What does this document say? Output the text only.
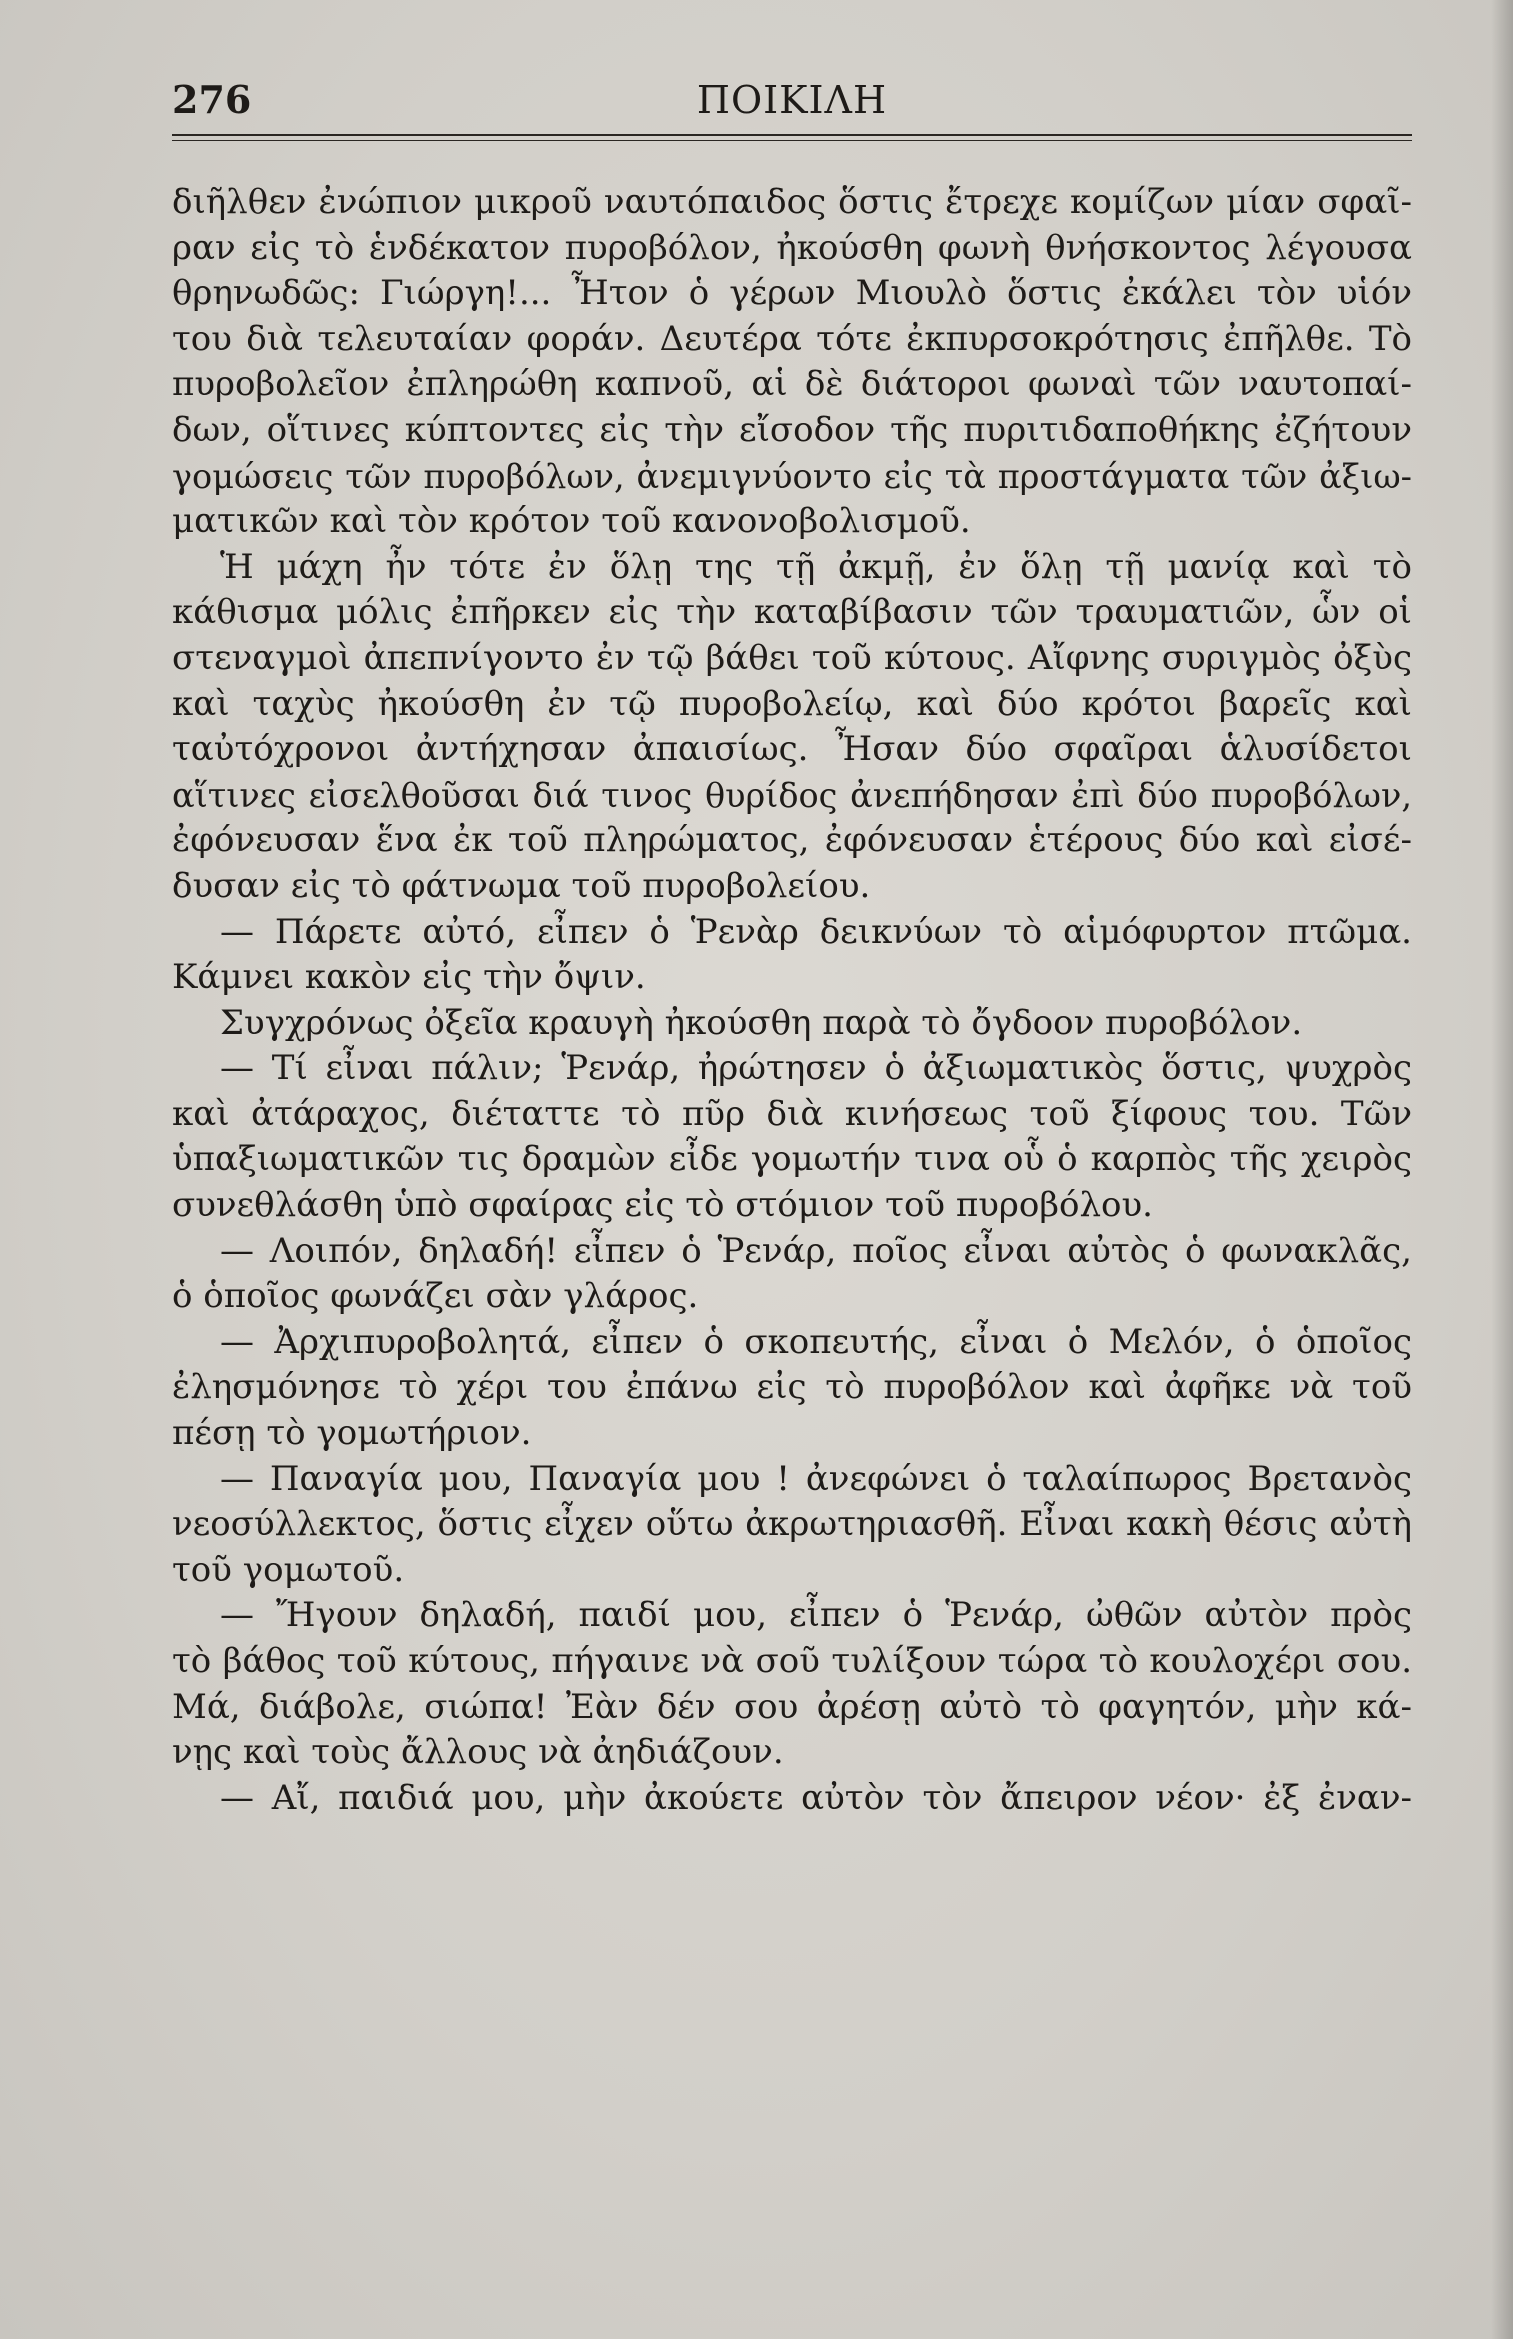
276	ΠΟΙΚΙΛΗ
διῆλθεν ἐνώπιον μικροῦ ναυτόπαιδος ὅστις ἔτρεχε κομίζων μίαν σφαῖ-
ραν εἰς τὸ ἑνδέκατον πυροβόλον, ἠκούσθη φωνὴ θνήσκοντος λέγουσα
θρηνωδῶς: Γιώργη!... Ἦτον ὁ γέρων Μιουλὸ ὅστις ἐκάλει τὸν υἱόν
του διὰ τελευταίαν φοράν. Δευτέρα τότε ἐκπυρσοκρότησις ἐπῆλθε. Τὸ
πυροβολεῖον ἐπληρώθη καπνοῦ, αἱ δὲ διάτοροι φωναὶ τῶν ναυτοπαί-
δων, οἵτινες κύπτοντες εἰς τὴν εἴσοδον τῆς πυριτιδαποθήκης ἐζήτουν
γομώσεις τῶν πυροβόλων, ἀνεμιγνύοντο εἰς τὰ προστάγματα τῶν ἀξιω-
ματικῶν καὶ τὸν κρότον τοῦ κανονοβολισμοῦ.
Ἡ μάχη ἦν τότε ἐν ὅλῃ της τῇ ἀκμῇ, ἐν ὅλῃ τῇ μανίᾳ καὶ τὸ
κάθισμα μόλις ἐπῆρκεν εἰς τὴν καταβίβασιν τῶν τραυματιῶν, ὧν οἱ
στεναγμοὶ ἀπεπνίγοντο ἐν τῷ βάθει τοῦ κύτους. Αἴφνης συριγμὸς ὀξὺς
καὶ ταχὺς ἠκούσθη ἐν τῷ πυροβολείῳ, καὶ δύο κρότοι βαρεῖς καὶ
ταὐτόχρονοι ἀντήχησαν ἀπαισίως. Ἦσαν δύο σφαῖραι ἁλυσίδετοι
αἵτινες εἰσελθοῦσαι διά τινος θυρίδος ἀνεπήδησαν ἐπὶ δύο πυροβόλων,
ἐφόνευσαν ἕνα ἐκ τοῦ πληρώματος, ἐφόνευσαν ἑτέρους δύο καὶ εἰσέ-
δυσαν εἰς τὸ φάτνωμα τοῦ πυροβολείου.
— Πάρετε αὐτό, εἶπεν ὁ Ῥενὰρ δεικνύων τὸ αἱμόφυρτον πτῶμα.
Κάμνει κακὸν εἰς τὴν ὄψιν.
Συγχρόνως ὀξεῖα κραυγὴ ἠκούσθη παρὰ τὸ ὄγδοον πυροβόλον.
— Τί εἶναι πάλιν; Ῥενάρ, ἠρώτησεν ὁ ἀξιωματικὸς ὅστις, ψυχρὸς
καὶ ἀτάραχος, διέταττε τὸ πῦρ διὰ κινήσεως τοῦ ξίφους του. Τῶν
ὑπαξιωματικῶν τις δραμὼν εἶδε γομωτήν τινα οὗ ὁ καρπὸς τῆς χειρὸς
συνεθλάσθη ὑπὸ σφαίρας εἰς τὸ στόμιον τοῦ πυροβόλου.
— Λοιπόν, δηλαδή! εἶπεν ὁ Ῥενάρ, ποῖος εἶναι αὐτὸς ὁ φωνακλᾶς,
ὁ ὁποῖος φωνάζει σὰν γλάρος.
— Ἀρχιπυροβολητά, εἶπεν ὁ σκοπευτής, εἶναι ὁ Μελόν, ὁ ὁποῖος
ἐλησμόνησε τὸ χέρι του ἐπάνω εἰς τὸ πυροβόλον καὶ ἀφῆκε νὰ τοῦ
πέσῃ τὸ γομωτήριον.
— Παναγία μου, Παναγία μου ! ἀνεφώνει ὁ ταλαίπωρος Βρετανὸς
νεοσύλλεκτος, ὅστις εἶχεν οὕτω ἀκρωτηριασθῆ. Εἶναι κακὴ θέσις αὐτὴ
τοῦ γομωτοῦ.
— Ἤγουν δηλαδή, παιδί μου, εἶπεν ὁ Ῥενάρ, ὠθῶν αὐτὸν πρὸς
τὸ βάθος τοῦ κύτους, πήγαινε νὰ σοῦ τυλίξουν τώρα τὸ κουλοχέρι σου.
Μά, διάβολε, σιώπα! Ἐὰν δέν σου ἀρέσῃ αὐτὸ τὸ φαγητόν, μὴν κά-
νῃς καὶ τοὺς ἄλλους νὰ ἀηδιάζουν.
— Αἴ, παιδιά μου, μὴν ἀκούετε αὐτὸν τὸν ἄπειρον νέον· ἐξ ἐναν-
